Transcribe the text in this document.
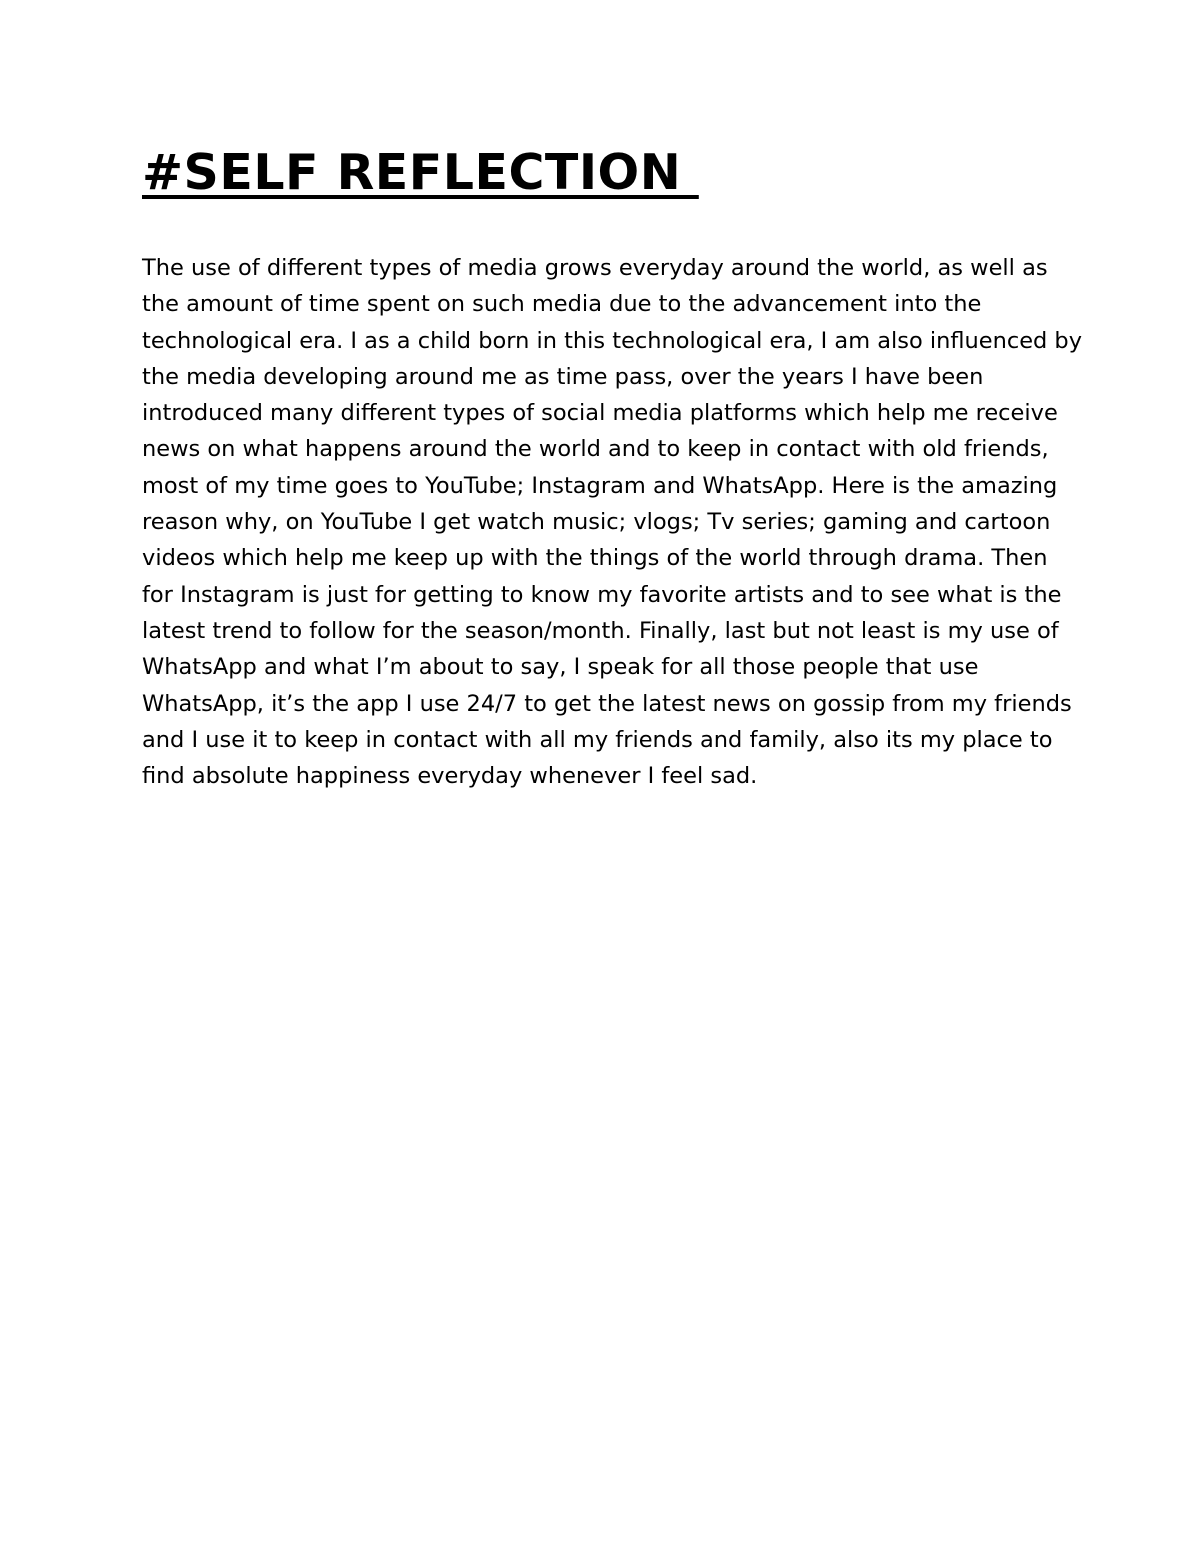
#SELF REFLECTION
The use of different types of media grows everyday around the world, as well as
the amount of time spent on such media due to the advancement into the
technological era. I as a child born in this technological era, I am also influenced by
the media developing around me as time pass, over the years I have been
introduced many different types of social media platforms which help me receive
news on what happens around the world and to keep in contact with old friends,
most of my time goes to YouTube; Instagram and WhatsApp. Here is the amazing
reason why, on YouTube I get watch music; vlogs; Tv series; gaming and cartoon
videos which help me keep up with the things of the world through drama. Then
for Instagram is just for getting to know my favorite artists and to see what is the
latest trend to follow for the season/month. Finally, last but not least is my use of
WhatsApp and what I’m about to say, I speak for all those people that use
WhatsApp, it’s the app I use 24/7 to get the latest news on gossip from my friends
and I use it to keep in contact with all my friends and family, also its my place to
find absolute happiness everyday whenever I feel sad.
